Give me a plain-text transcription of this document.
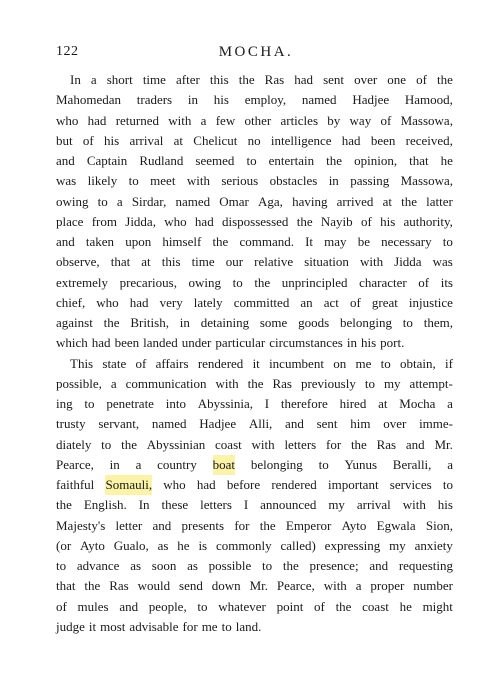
122	MOCHA.
In a short time after this the Ras had sent over one of the
Mahomedan traders in his employ, named Hadjee Hamood,
who had returned with a few other articles by way of Massowa,
but of his arrival at Chelicut no intelligence had been received,
and Captain Rudland seemed to entertain the opinion, that he
was likely to meet with serious obstacles in passing Massowa,
owing to a Sirdar, named Omar Aga, having arrived at the latter
place from Jidda, who had dispossessed the Nayib of his authority,
and taken upon himself the command. It may be necessary to
observe, that at this time our relative situation with Jidda was
extremely precarious, owing to the unprincipled character of its
chief, who had very lately committed an act of great injustice
against the British, in detaining some goods belonging to them,
which had been landed under particular circumstances in his port.
This state of affairs rendered it incumbent on me to obtain, if
possible, a communication with the Ras previously to my attempt-
ing to penetrate into Abyssinia, I therefore hired at Mocha a
trusty servant, named Hadjee Alli, and sent him over imme-
diately to the Abyssinian coast with letters for the Ras and Mr.
Pearce, in a country boat belonging to Yunus Beralli, a
faithful Somauli, who had before rendered important services to
the English. In these letters I announced my arrival with his
Majesty's letter and presents for the Emperor Ayto Egwala Sion,
(or Ayto Gualo, as he is commonly called) expressing my anxiety
to advance as soon as possible to the presence; and requesting
that the Ras would send down Mr. Pearce, with a proper number
of mules and people, to whatever point of the coast he might
judge it most advisable for me to land.
